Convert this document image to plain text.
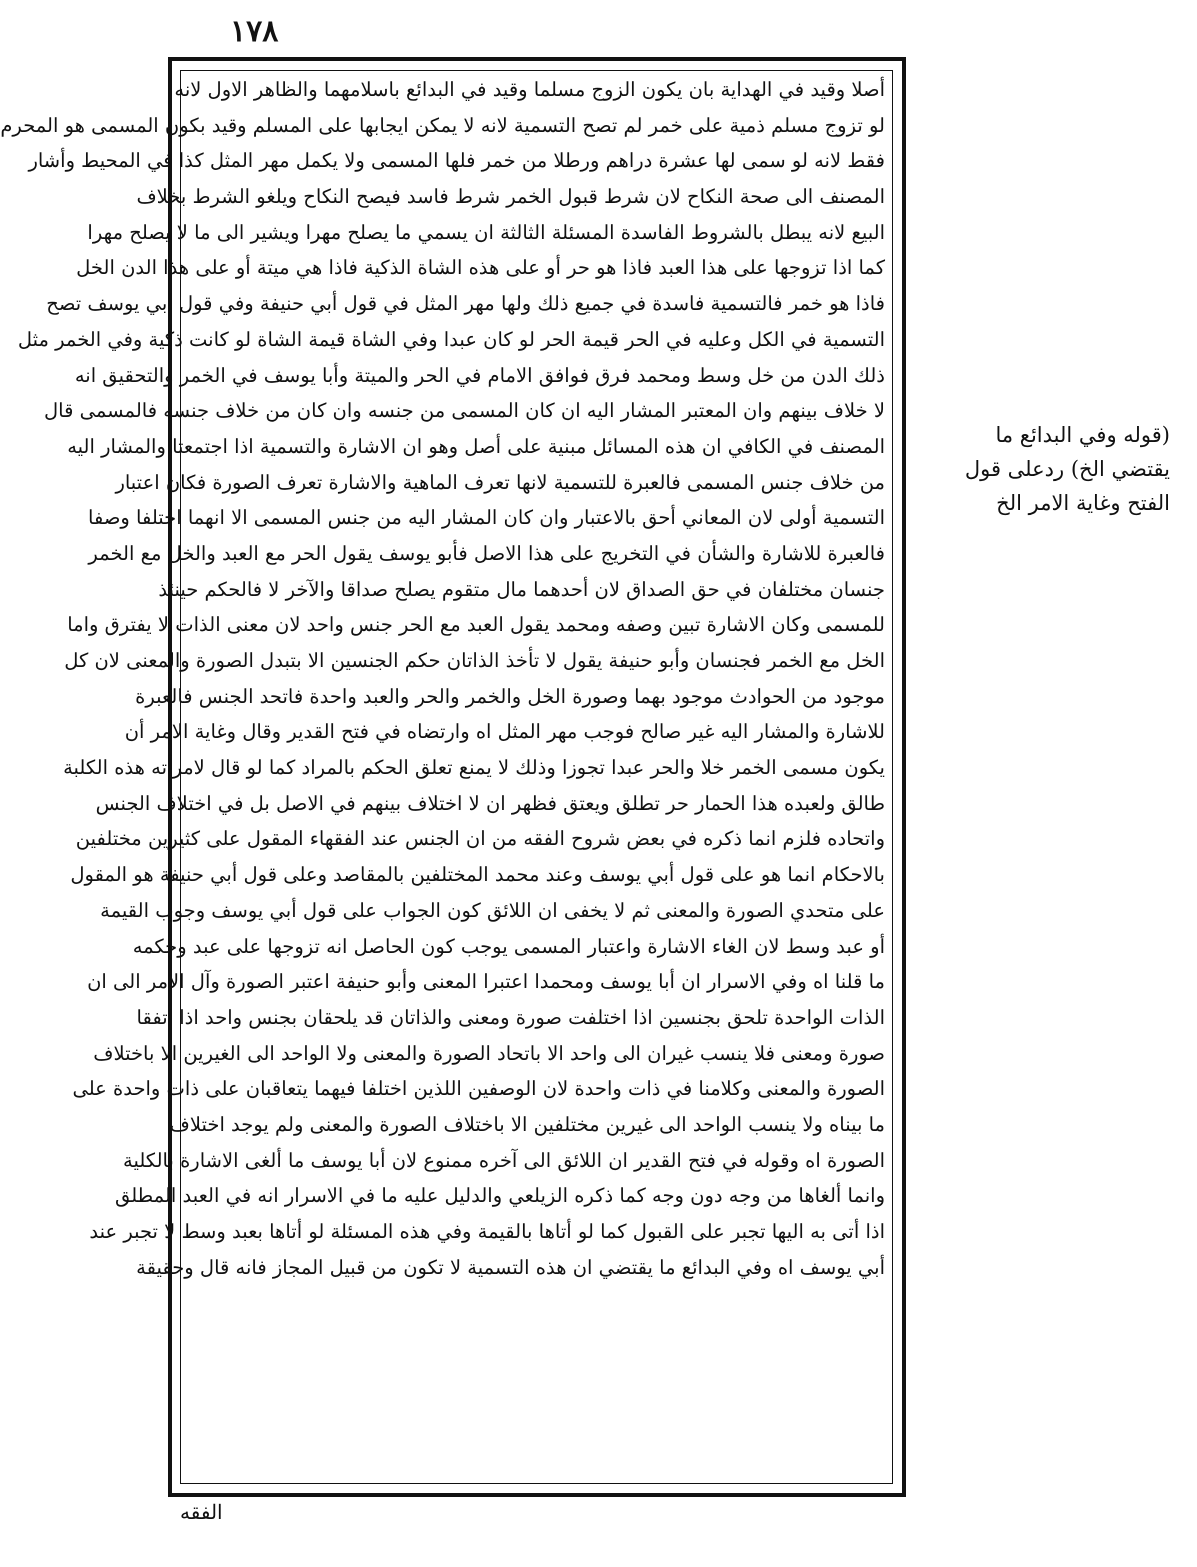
١٧٨
أصلا وقيد في الهداية بان يكون الزوج مسلما وقيد في البدائع باسلامهما والظاهر الاول لانه
لو تزوج مسلم ذمية على خمر لم تصح التسمية لانه لا يمكن ايجابها على المسلم وقيد بكون المسمى هو المحرم
فقط لانه لو سمى لها عشرة دراهم ورطلا من خمر فلها المسمى ولا يكمل مهر المثل كذا في المحيط وأشار
المصنف الى صحة النكاح لان شرط قبول الخمر شرط فاسد فيصح النكاح ويلغو الشرط بخلاف
البيع لانه يبطل بالشروط الفاسدة المسئلة الثالثة ان يسمي ما يصلح مهرا ويشير الى ما لا يصلح مهرا
كما اذا تزوجها على هذا العبد فاذا هو حر أو على هذه الشاة الذكية فاذا هي ميتة أو على هذا الدن الخل
فاذا هو خمر فالتسمية فاسدة في جميع ذلك ولها مهر المثل في قول أبي حنيفة وفي قول أبي يوسف تصح
التسمية في الكل وعليه في الحر قيمة الحر لو كان عبدا وفي الشاة قيمة الشاة لو كانت ذكية وفي الخمر مثل
ذلك الدن من خل وسط ومحمد فرق فوافق الامام في الحر والميتة وأبا يوسف في الخمر والتحقيق انه
لا خلاف بينهم وان المعتبر المشار اليه ان كان المسمى من جنسه وان كان من خلاف جنسه فالمسمى قال
المصنف في الكافي ان هذه المسائل مبنية على أصل وهو ان الاشارة والتسمية اذا اجتمعتا والمشار اليه
من خلاف جنس المسمى فالعبرة للتسمية لانها تعرف الماهية والاشارة تعرف الصورة فكان اعتبار
التسمية أولى لان المعاني أحق بالاعتبار وان كان المشار اليه من جنس المسمى الا انهما اختلفا وصفا
فالعبرة للاشارة والشأن في التخريج على هذا الاصل فأبو يوسف يقول الحر مع العبد والخل مع الخمر
جنسان مختلفان في حق الصداق لان أحدهما مال متقوم يصلح صداقا والآخر لا فالحكم حينئذ
للمسمى وكان الاشارة تبين وصفه ومحمد يقول العبد مع الحر جنس واحد لان معنى الذات لا يفترق واما
الخل مع الخمر فجنسان وأبو حنيفة يقول لا تأخذ الذاتان حكم الجنسين الا بتبدل الصورة والمعنى لان كل
موجود من الحوادث موجود بهما وصورة الخل والخمر والحر والعبد واحدة فاتحد الجنس فالعبرة
للاشارة والمشار اليه غير صالح فوجب مهر المثل اه وارتضاه في فتح القدير وقال وغاية الامر أن
يكون مسمى الخمر خلا والحر عبدا تجوزا وذلك لا يمنع تعلق الحكم بالمراد كما لو قال لامرأته هذه الكلبة
طالق ولعبده هذا الحمار حر تطلق ويعتق فظهر ان لا اختلاف بينهم في الاصل بل في اختلاف الجنس
واتحاده فلزم انما ذكره في بعض شروح الفقه من ان الجنس عند الفقهاء المقول على كثيرين مختلفين
بالاحكام انما هو على قول أبي يوسف وعند محمد المختلفين بالمقاصد وعلى قول أبي حنيفة هو المقول
على متحدي الصورة والمعنى ثم لا يخفى ان اللائق كون الجواب على قول أبي يوسف وجوب القيمة
أو عبد وسط لان الغاء الاشارة واعتبار المسمى يوجب كون الحاصل انه تزوجها على عبد وحكمه
ما قلنا اه وفي الاسرار ان أبا يوسف ومحمدا اعتبرا المعنى وأبو حنيفة اعتبر الصورة وآل الامر الى ان
الذات الواحدة تلحق بجنسين اذا اختلفت صورة ومعنى والذاتان قد يلحقان بجنس واحد اذا اتفقا
صورة ومعنى فلا ينسب غيران الى واحد الا باتحاد الصورة والمعنى ولا الواحد الى الغيرين الا باختلاف
الصورة والمعنى وكلامنا في ذات واحدة لان الوصفين اللذين اختلفا فيهما يتعاقبان على ذات واحدة على
ما بيناه ولا ينسب الواحد الى غيرين مختلفين الا باختلاف الصورة والمعنى ولم يوجد اختلاف
الصورة اه وقوله في فتح القدير ان اللائق الى آخره ممنوع لان أبا يوسف ما ألغى الاشارة بالكلية
وانما ألغاها من وجه دون وجه كما ذكره الزيلعي والدليل عليه ما في الاسرار انه في العبد المطلق
اذا أتى به اليها تجبر على القبول كما لو أتاها بالقيمة وفي هذه المسئلة لو أتاها بعبد وسط لا تجبر عند
أبي يوسف اه وفي البدائع ما يقتضي ان هذه التسمية لا تكون من قبيل المجاز فانه قال وحقيقة
(قوله وفي البدائع ما
يقتضي الخ) ردعلى قول
الفتح وغاية الامر الخ
الفقه
